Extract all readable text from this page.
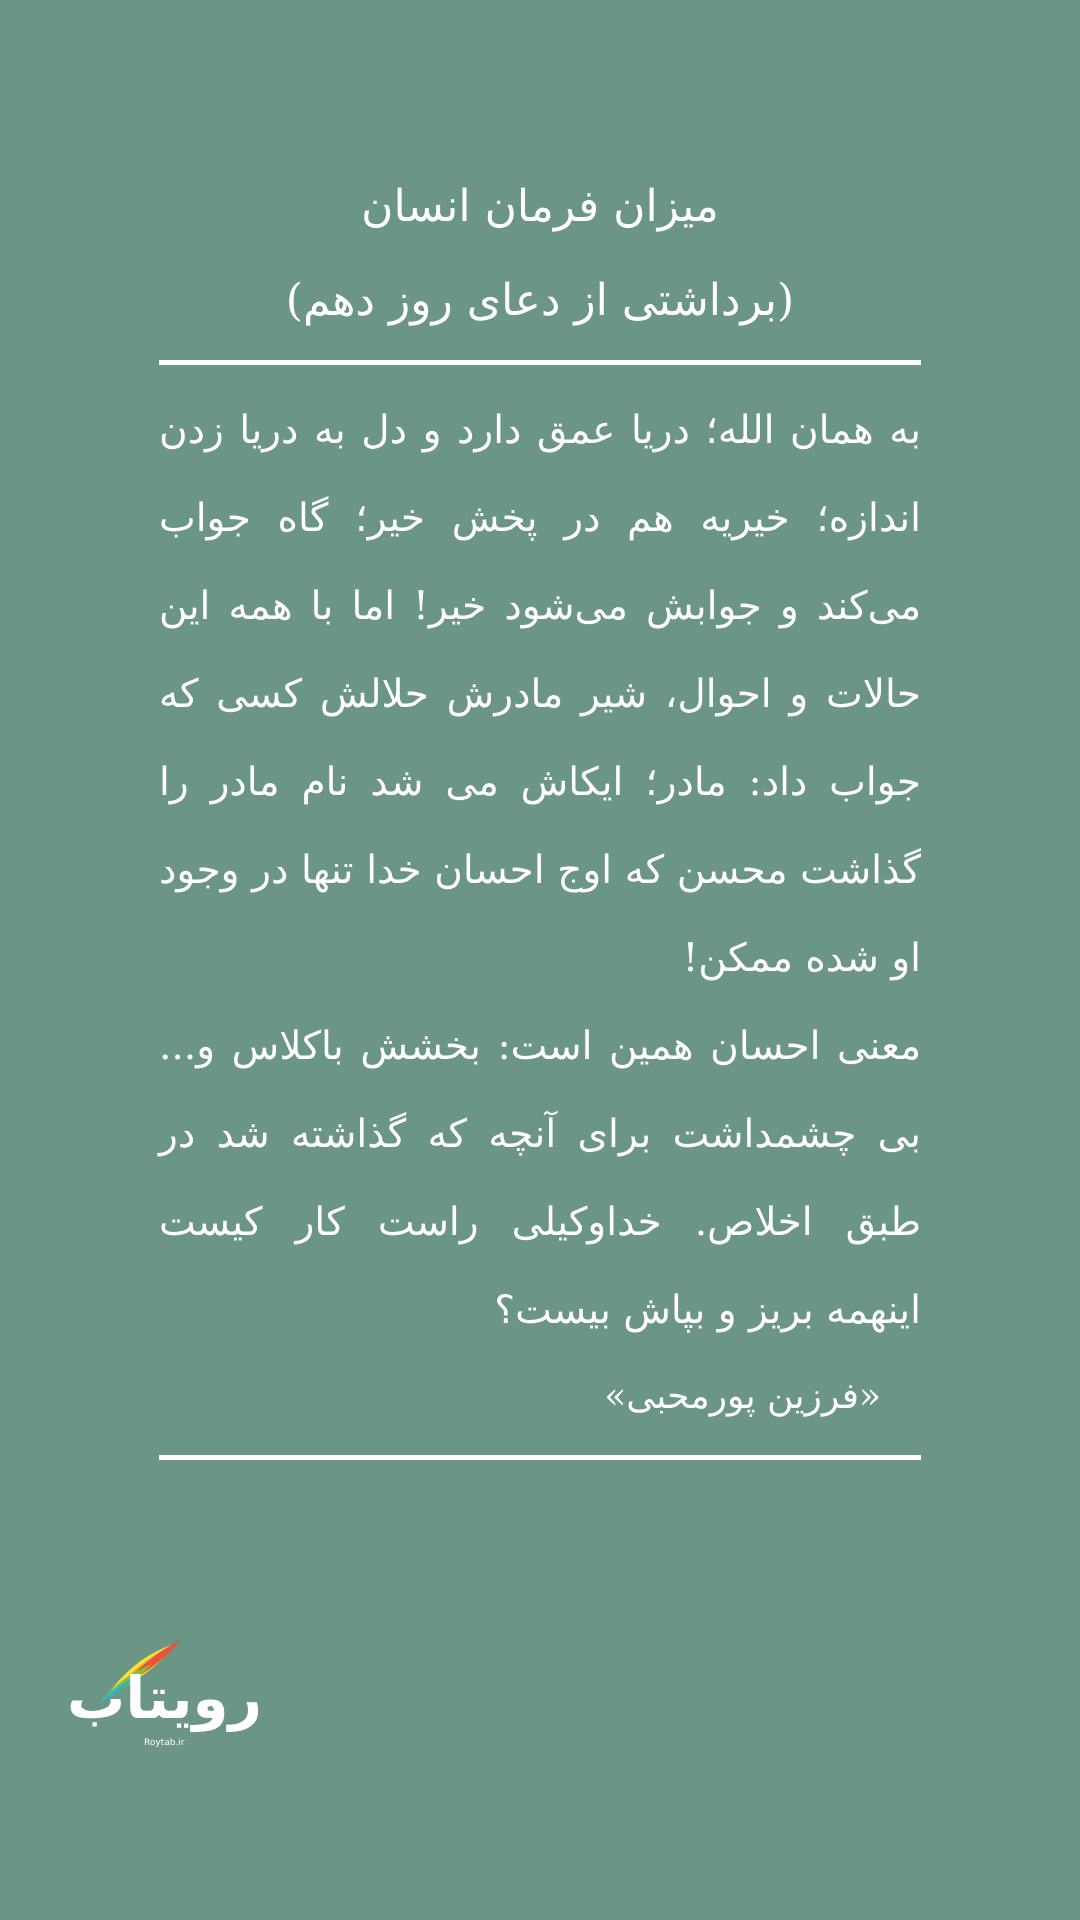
میزان فرمان انسان
(برداشتی از دعای روز دهم)

به همان الله؛ دریا عمق دارد و دل به دریا زدن اندازه؛ خیریه هم در پخش خیر؛ گاه جواب می‌کند و جوابش می‌شود خیر! اما با همه این حالات و احوال، شیر مادرش حلالش کسی که جواب داد: مادر؛ ایکاش می شد نام مادر را گذاشت محسن که اوج احسان خدا تنها در وجود او شده ممکن!

معنی احسان همین است: بخشش باکلاس و... بی چشمداشت برای آنچه که گذاشته شد در طبق اخلاص. خداوکیلی راست کار کیست اینهمه بریز و بپاش بیست؟

«فرزین پورمحبی»
رویتاب
Roytab.ir
